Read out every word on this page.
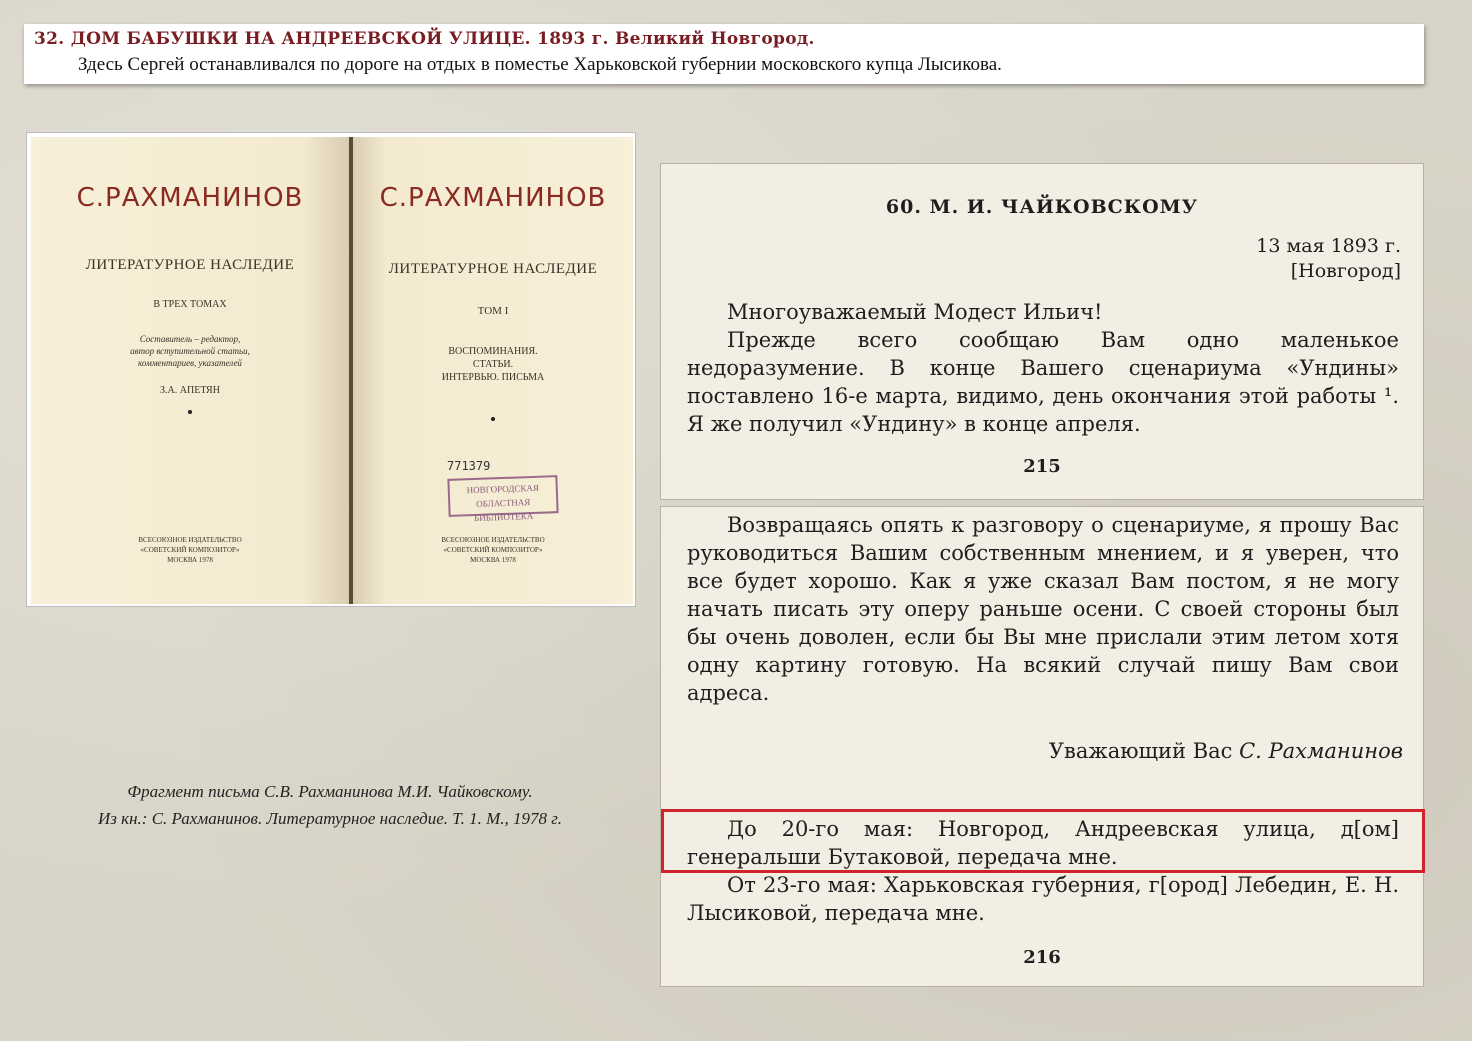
32. ДОМ БАБУШКИ НА АНДРЕЕВСКОЙ УЛИЦЕ. 1893 г. Великий Новгород.
Здесь Сергей останавливался по дороге на отдых в поместье Харьковской губернии московского купца Лысикова.
С.РАХМАНИНОВ
ЛИТЕРАТУРНОЕ НАСЛЕДИЕ
В ТРЕХ ТОМАХ
Составитель – редактор,
автор вступительной статьи,
комментариев, указателей
З.А. АПЕТЯН
ВСЕСОЮЗНОЕ ИЗДАТЕЛЬСТВО
«СОВЕТСКИЙ КОМПОЗИТОР»
МОСКВА 1978
С.РАХМАНИНОВ
ЛИТЕРАТУРНОЕ НАСЛЕДИЕ
ТОМ I
ВОСПОМИНАНИЯ.
СТАТЬИ.
ИНТЕРВЬЮ. ПИСЬМА
771379
НОВГОРОДСКАЯ
ОБЛАСТНАЯ БИБЛИОТЕКА
ВСЕСОЮЗНОЕ ИЗДАТЕЛЬСТВО
«СОВЕТСКИЙ КОМПОЗИТОР»
МОСКВА 1978
Фрагмент письма С.В. Рахманинова М.И. Чайковскому.
Из кн.: С. Рахманинов. Литературное наследие. Т. 1. М., 1978 г.
60. М. И. ЧАЙКОВСКОМУ
13 мая 1893 г.
[Новгород]
Многоуважаемый Модест Ильич!
Прежде всего сообщаю Вам одно маленькое недоразумение. В конце Вашего сценариума «Ундины» поставлено 16-е марта, видимо, день окончания этой работы ¹. Я же получил «Ундину» в конце апреля.
215
Возвращаясь опять к разговору о сценариуме, я прошу Вас руководиться Вашим собственным мнением, и я уверен, что все будет хорошо. Как я уже сказал Вам постом, я не могу начать писать эту оперу раньше осени. С своей стороны был бы очень доволен, если бы Вы мне прислали этим летом хотя одну картину готовую. На всякий случай пишу Вам свои адреса.
Уважающий Вас С. Рахманинов
До 20-го мая: Новгород, Андреевская улица, д[ом] генеральши Бутаковой, передача мне.
От 23-го мая: Харьковская губерния, г[ород] Лебедин, Е. Н. Лысиковой, передача мне.
216
